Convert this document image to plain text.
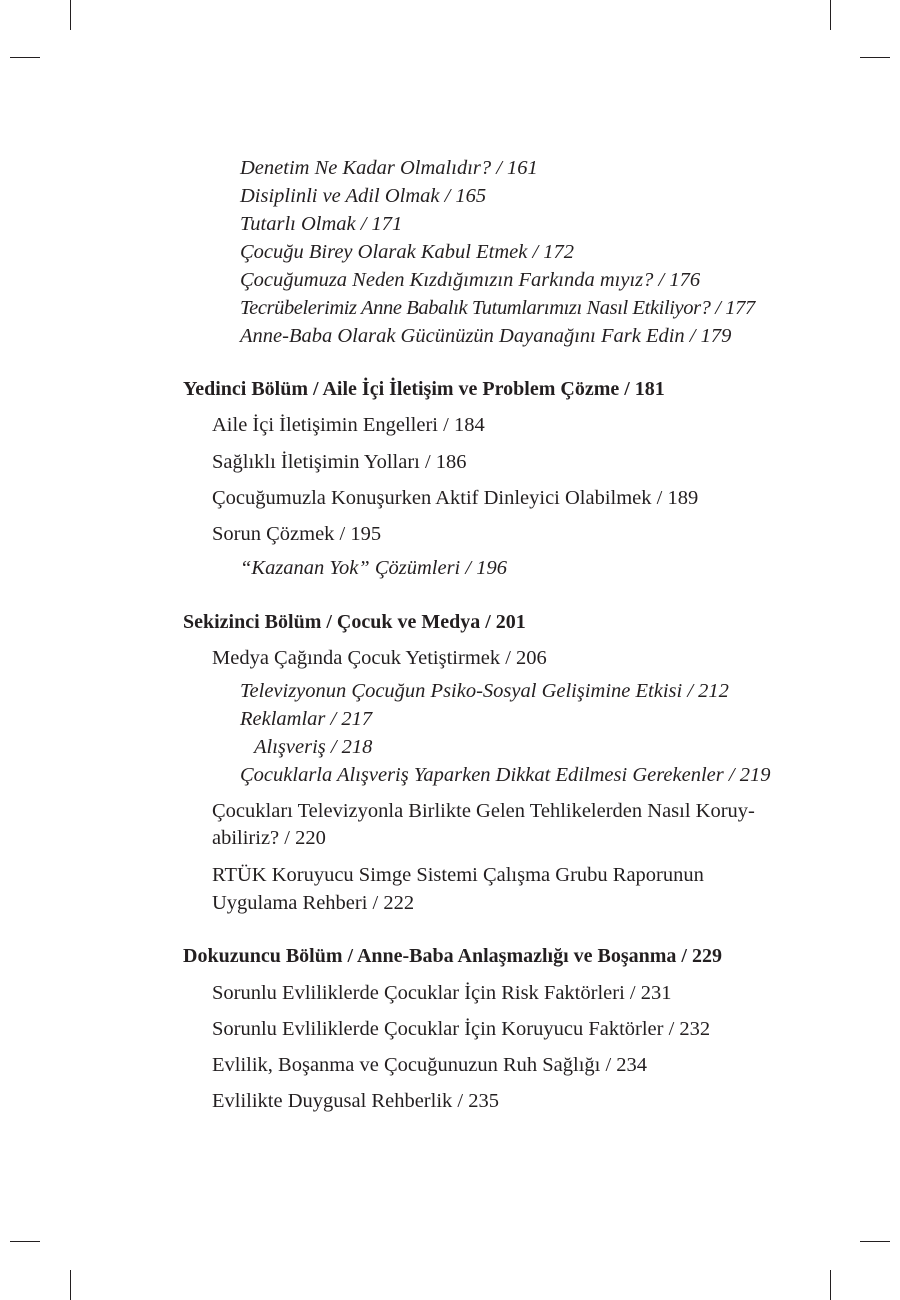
Denetim Ne Kadar Olmalıdır? / 161
Disiplinli ve Adil Olmak / 165
Tutarlı Olmak / 171
Çocuğu Birey Olarak Kabul Etmek / 172
Çocuğumuza Neden Kızdığımızın Farkında mıyız? / 176
Tecrübelerimiz Anne Babalık Tutumlarımızı Nasıl Etkiliyor? / 177
Anne-Baba Olarak Gücünüzün Dayanağını Fark Edin / 179
Yedinci Bölüm / Aile İçi İletişim ve Problem Çözme / 181
Aile İçi İletişimin Engelleri / 184
Sağlıklı İletişimin Yolları / 186
Çocuğumuzla Konuşurken Aktif Dinleyici Olabilmek / 189
Sorun Çözmek / 195
“Kazanan Yok” Çözümleri / 196
Sekizinci Bölüm / Çocuk ve Medya / 201
Medya Çağında Çocuk Yetiştirmek / 206
Televizyonun Çocuğun Psiko-Sosyal Gelişimine Etkisi / 212
Reklamlar / 217
Alışveriş / 218
Çocuklarla Alışveriş Yaparken Dikkat Edilmesi Gerekenler / 219
Çocukları Televizyonla Birlikte Gelen Tehlikelerden Nasıl Koruy-
abiliriz? / 220
RTÜK Koruyucu Simge Sistemi Çalışma Grubu Raporunun
Uygulama Rehberi / 222
Dokuzuncu Bölüm / Anne-Baba Anlaşmazlığı ve Boşanma / 229
Sorunlu Evliliklerde Çocuklar İçin Risk Faktörleri / 231
Sorunlu Evliliklerde Çocuklar İçin Koruyucu Faktörler / 232
Evlilik, Boşanma ve Çocuğunuzun Ruh Sağlığı / 234
Evlilikte Duygusal Rehberlik / 235
